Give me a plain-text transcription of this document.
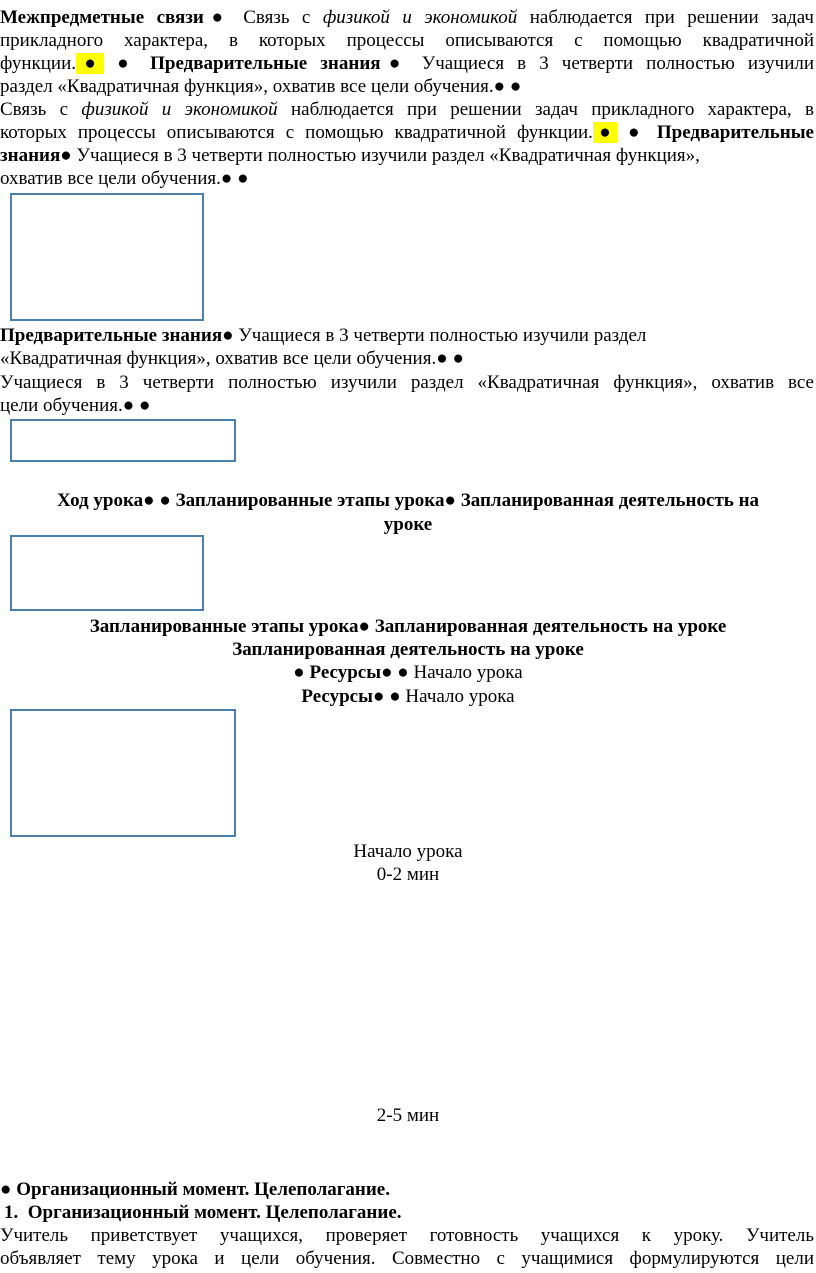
Межпредметные связи● Связь с физикой и экономикой наблюдается при решении задач
прикладного характера, в которых процессы описываются с помощью квадратичной
функции.● ● Предварительные знания● Учащиеся в 3 четверти полностью изучили
раздел «Квадратичная функция», охватив все цели обучения.● ●
Связь с физикой и экономикой наблюдается при решении задач прикладного характера, в
которых процессы описываются с помощью квадратичной функции.● ● Предварительные
знания● Учащиеся в 3 четверти полностью изучили раздел «Квадратичная функция»,
охватив все цели обучения.● ●
Предварительные знания● Учащиеся в 3 четверти полностью изучили раздел
«Квадратичная функция», охватив все цели обучения.● ●
Учащиеся в 3 четверти полностью изучили раздел «Квадратичная функция», охватив все
цели обучения.● ●
Ход урока● ● Запланированные этапы урока● Запланированная деятельность на
уроке
Запланированные этапы урока● Запланированная деятельность на уроке
Запланированная деятельность на уроке
● Ресурсы● ● Начало урока
Ресурсы● ● Начало урока
Начало урока
0-2 мин
2-5 мин
● Организационный момент. Целеполагание.
1. Организационный момент. Целеполагание.
Учитель приветствует учащихся, проверяет готовность учащихся к уроку. Учитель
объявляет тему урока и цели обучения. Совместно с учащимися формулируются цели
